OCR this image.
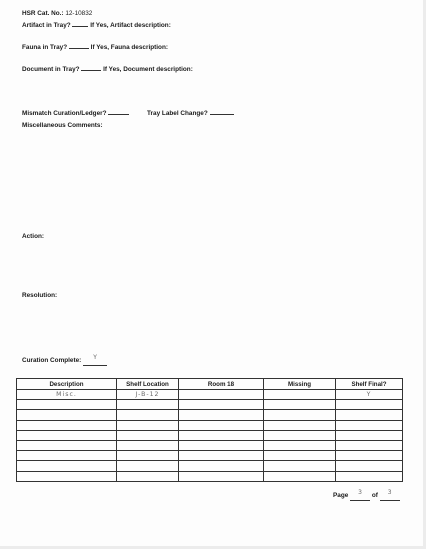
HSR Cat. No.: 12-10832
Artifact in Tray?	If Yes, Artifact description:
Fauna in Tray?	If Yes, Fauna description:
Document in Tray?	If Yes, Document description:
Mismatch Curation/Ledger?	Tray Label Change?
Miscellaneous Comments:
Action:
Resolution:
Curation Complete: Y
Description	Shelf Location	Room 18	Missing	Shelf Final?
Misc.	J-B-12			Y

Page 3 of 3
